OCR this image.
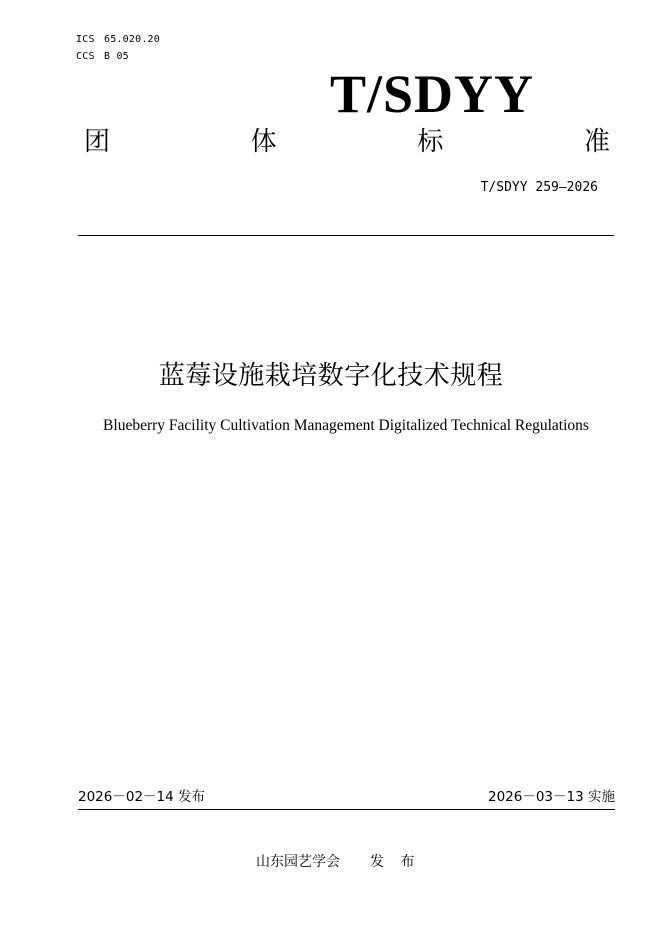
ICS 65.020.20
CCS B 05
T/SDYY
团	体	标	准
T/SDYY 259—2026
蓝莓设施栽培数字化技术规程
Blueberry Facility Cultivation Management Digitalized Technical Regulations
2026－02－14 发布	2026－03－13 实施
山东园艺学会 发 布
